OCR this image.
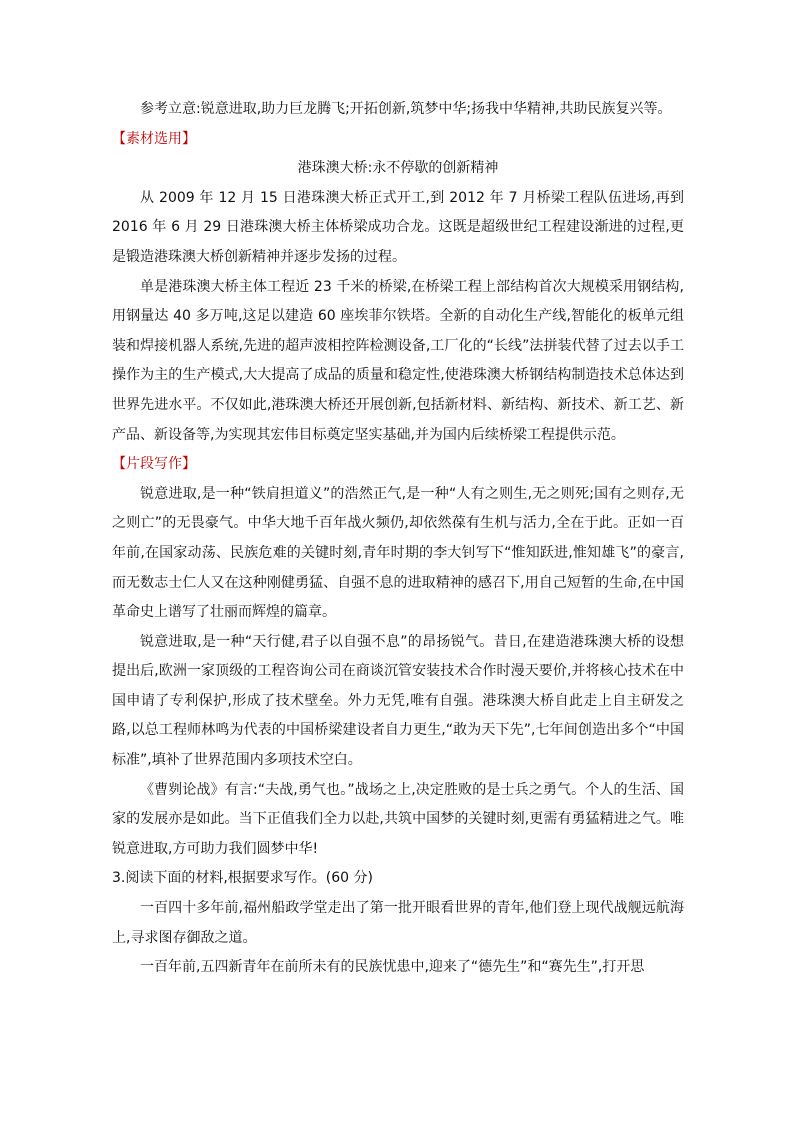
参考立意:锐意进取,助力巨龙腾飞;开拓创新,筑梦中华;扬我中华精神,共助民族复兴等。

【素材选用】

港珠澳大桥:永不停歇的创新精神

从 2009 年 12 月 15 日港珠澳大桥正式开工,到 2012 年 7 月桥梁工程队伍进场,再到 2016 年 6 月 29 日港珠澳大桥主体桥梁成功合龙。这既是超级世纪工程建设渐进的过程,更是锻造港珠澳大桥创新精神并逐步发扬的过程。

单是港珠澳大桥主体工程近 23 千米的桥梁,在桥梁工程上部结构首次大规模采用钢结构,用钢量达 40 多万吨,这足以建造 60 座埃菲尔铁塔。全新的自动化生产线,智能化的板单元组装和焊接机器人系统,先进的超声波相控阵检测设备,工厂化的“长线”法拼装代替了过去以手工操作为主的生产模式,大大提高了成品的质量和稳定性,使港珠澳大桥钢结构制造技术总体达到世界先进水平。不仅如此,港珠澳大桥还开展创新,包括新材料、新结构、新技术、新工艺、新产品、新设备等,为实现其宏伟目标奠定坚实基础,并为国内后续桥梁工程提供示范。

【片段写作】

锐意进取,是一种“铁肩担道义”的浩然正气,是一种“人有之则生,无之则死;国有之则存,无之则亡”的无畏豪气。中华大地千百年战火频仍,却依然葆有生机与活力,全在于此。正如一百年前,在国家动荡、民族危难的关键时刻,青年时期的李大钊写下“惟知跃进,惟知雄飞”的豪言,而无数志士仁人又在这种刚健勇猛、自强不息的进取精神的感召下,用自己短暂的生命,在中国革命史上谱写了壮丽而辉煌的篇章。

锐意进取,是一种“天行健,君子以自强不息”的昂扬锐气。昔日,在建造港珠澳大桥的设想提出后,欧洲一家顶级的工程咨询公司在商谈沉管安装技术合作时漫天要价,并将核心技术在中国申请了专利保护,形成了技术壁垒。外力无凭,唯有自强。港珠澳大桥自此走上自主研发之路,以总工程师林鸣为代表的中国桥梁建设者自力更生,“敢为天下先”,七年间创造出多个“中国标准”,填补了世界范围内多项技术空白。

《曹刿论战》有言:“夫战,勇气也。”战场之上,决定胜败的是士兵之勇气。个人的生活、国家的发展亦是如此。当下正值我们全力以赴,共筑中国梦的关键时刻,更需有勇猛精进之气。唯锐意进取,方可助力我们圆梦中华!

3.阅读下面的材料,根据要求写作。(60 分)

一百四十多年前,福州船政学堂走出了第一批开眼看世界的青年,他们登上现代战舰远航海上,寻求图存御敌之道。

一百年前,五四新青年在前所未有的民族忧患中,迎来了“德先生”和“赛先生”,打开思
